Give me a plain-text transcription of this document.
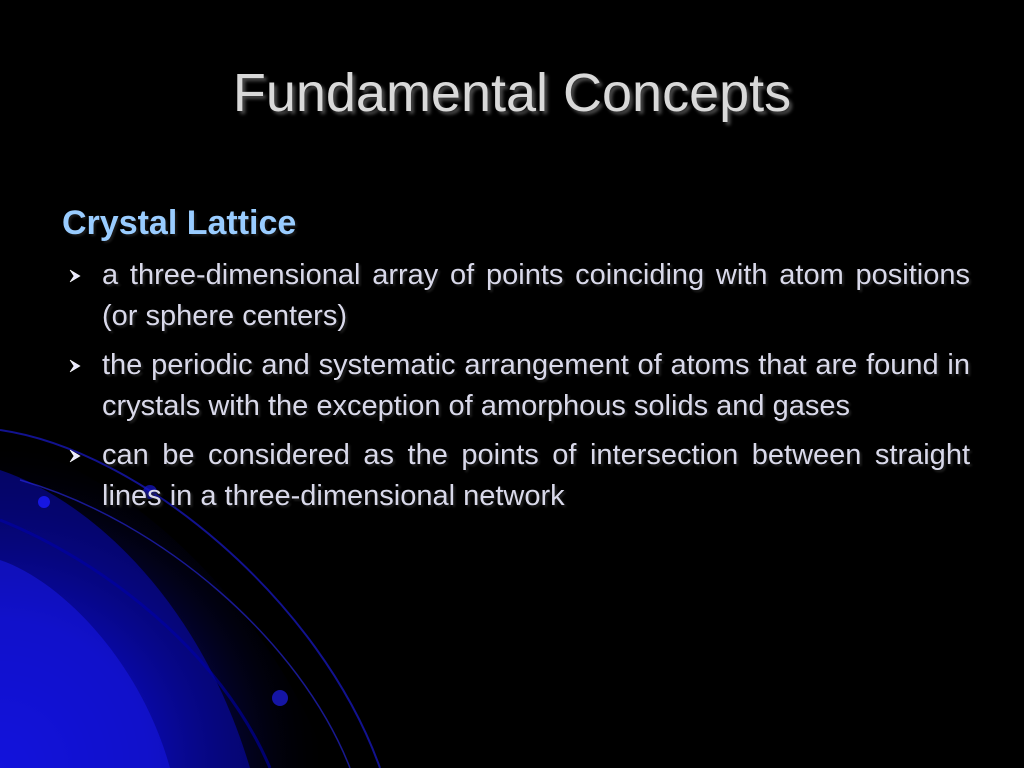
Fundamental Concepts
Crystal Lattice
a three-dimensional array of points coinciding with atom positions (or sphere centers)
the periodic and systematic arrangement of atoms that are found in crystals with the exception of amorphous solids and gases
can be considered as the points of intersection between straight lines in a three-dimensional network
